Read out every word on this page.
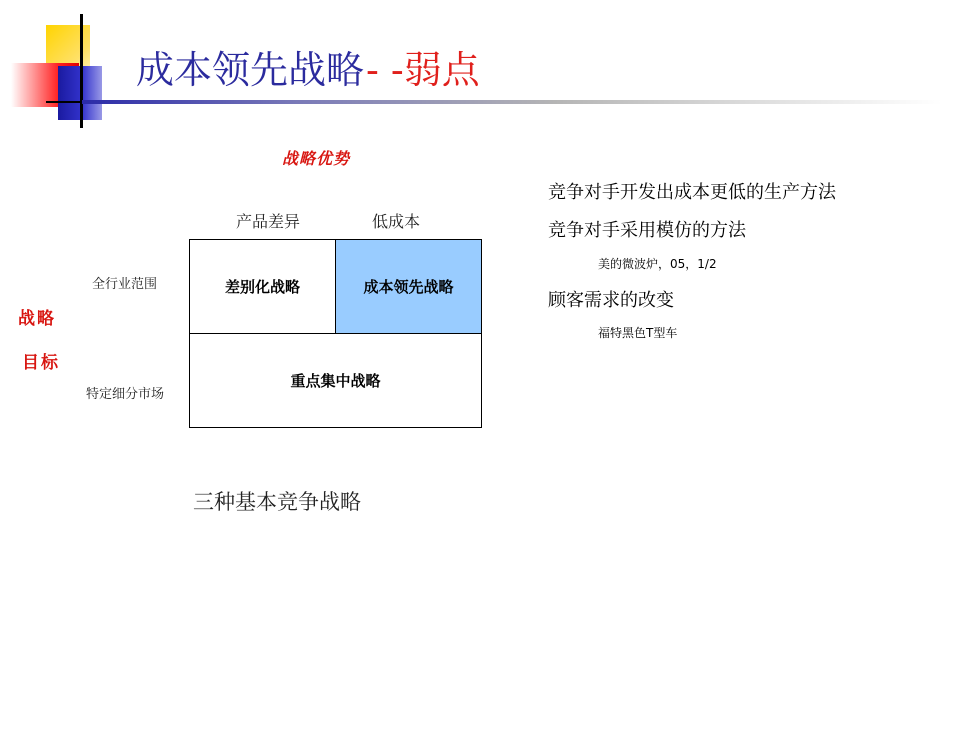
成本领先战略- -弱点
战略优势
战略
目标
产品差异	低成本
全行业范围
特定细分市场
差别化战略	成本领先战略
重点集中战略
三种基本竞争战略
竞争对手开发出成本更低的生产方法
竞争对手采用模仿的方法
美的微波炉，05，1/2
顾客需求的改变
福特黑色T型车
